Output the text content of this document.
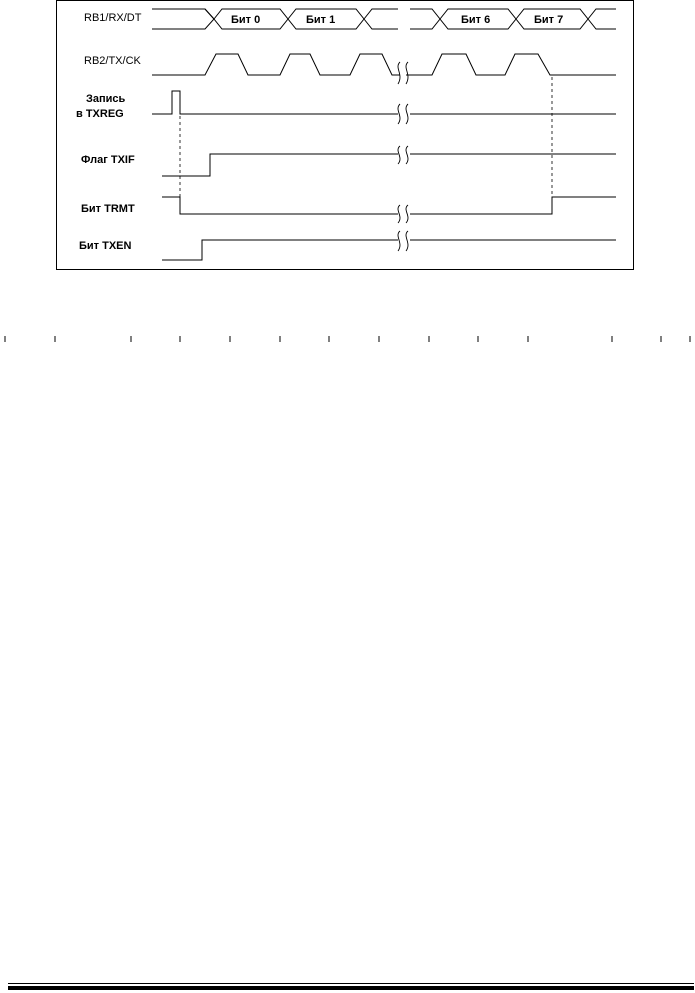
RB1/RX/DT
RB2/TX/CK
Запись
в TXREG
Флаг TXIF
Бит TRMT
Бит TXEN
Бит 0	Бит 1	Бит 6	Бит 7
